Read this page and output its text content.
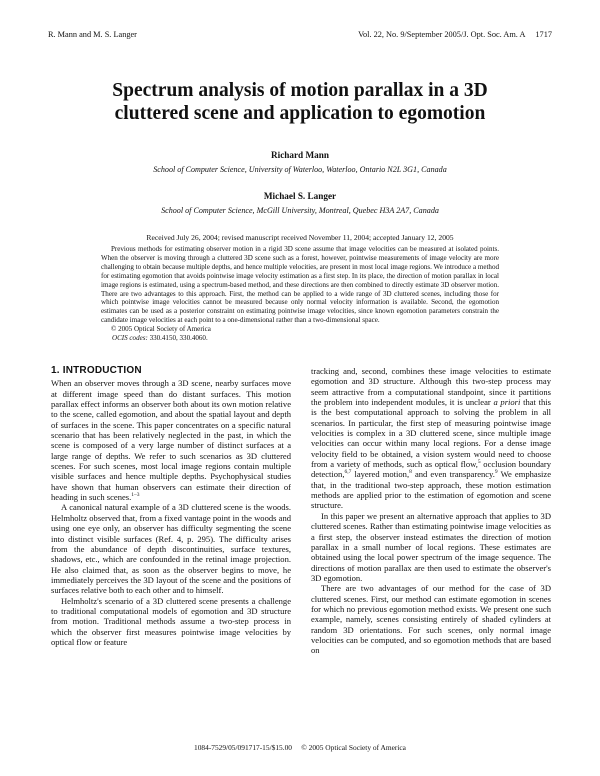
R. Mann and M. S. Langer	Vol. 22, No. 9/September 2005/J. Opt. Soc. Am. A     1717
Spectrum analysis of motion parallax in a 3D
cluttered scene and application to egomotion
Richard Mann
School of Computer Science, University of Waterloo, Waterloo, Ontario N2L 3G1, Canada
Michael S. Langer
School of Computer Science, McGill University, Montreal, Quebec H3A 2A7, Canada
Received July 26, 2004; revised manuscript received November 11, 2004; accepted January 12, 2005

Previous methods for estimating observer motion in a rigid 3D scene assume that image velocities can be measured at isolated points. When the observer is moving through a cluttered 3D scene such as a forest, however, pointwise measurements of image velocity are more challenging to obtain because multiple depths, and hence multiple velocities, are present in most local image regions. We introduce a method for estimating egomotion that avoids pointwise image velocity estimation as a first step. In its place, the direction of motion parallax in local image regions is estimated, using a spectrum-based method, and these directions are then combined to directly estimate 3D observer motion. There are two advantages to this approach. First, the method can be applied to a wide range of 3D cluttered scenes, including those for which pointwise image velocities cannot be measured because only normal velocity information is available. Second, the egomotion estimates can be used as a posterior constraint on estimating pointwise image velocities, since known egomotion parameters constrain the candidate image velocities at each point to a one-dimensional rather than a two-dimensional space.

© 2005 Optical Society of America

OCIS codes: 330.4150, 330.4060.
1. INTRODUCTION

When an observer moves through a 3D scene, nearby surfaces move at different image speed than do distant surfaces. This motion parallax effect informs an observer both about its own motion relative to the scene, called egomotion, and about the spatial layout and depth of surfaces in the scene. This paper concentrates on a specific natural scenario that has been relatively neglected in the past, in which the scene is composed of a very large number of distinct surfaces at a large range of depths. We refer to such scenarios as 3D cluttered scenes. For such scenes, most local image regions contain multiple visible surfaces and hence multiple depths. Psychophysical studies have shown that human observers can estimate their direction of heading in such scenes.$^{1-3}$

A canonical natural example of a 3D cluttered scene is the woods. Helmholtz observed that, from a fixed vantage point in the woods and using one eye only, an observer has difficulty segmenting the scene into distinct visible surfaces (Ref. 4, p. 295). The difficulty arises from the abundance of depth discontinuities, surface textures, shadows, etc., which are confounded in the retinal image projection. He also claimed that, as soon as the observer begins to move, he immediately perceives the 3D layout of the scene and the positions of surfaces relative both to each other and to himself.

Helmholtz's scenario of a 3D cluttered scene presents a challenge to traditional computational models of egomotion and 3D structure from motion. Traditional methods assume a two-step process in which the observer first measures pointwise image velocities by optical flow or feature

tracking and, second, combines these image velocities to estimate egomotion and 3D structure. Although this two-step process may seem attractive from a computational standpoint, since it partitions the problem into independent modules, it is unclear a priori that this is the best computational approach to solving the problem in all scenarios. In particular, the first step of measuring pointwise image velocities is complex in a 3D cluttered scene, since multiple image velocities can occur within many local regions. For a dense image velocity field to be obtained, a vision system would need to choose from a variety of methods, such as optical flow,$^5$ occlusion boundary detection,$^{6,7}$ layered motion,$^8$ and even transparency.$^9$ We emphasize that, in the traditional two-step approach, these motion estimation methods are applied prior to the estimation of egomotion and scene structure.

In this paper we present an alternative approach that applies to 3D cluttered scenes. Rather than estimating pointwise image velocities as a first step, the observer instead estimates the direction of motion parallax in a small number of local regions. These estimates are obtained using the local power spectrum of the image sequence. The directions of motion parallax are then used to estimate the observer's 3D egomotion.

There are two advantages of our method for the case of 3D cluttered scenes. First, our method can estimate egomotion in scenes for which no previous egomotion method exists. We present one such example, namely, scenes consisting entirely of shaded cylinders at random 3D orientations. For such scenes, only normal image velocities can be computed, and so egomotion methods that are based on

1084-7529/05/091717-15/$15.00     © 2005 Optical Society of America
